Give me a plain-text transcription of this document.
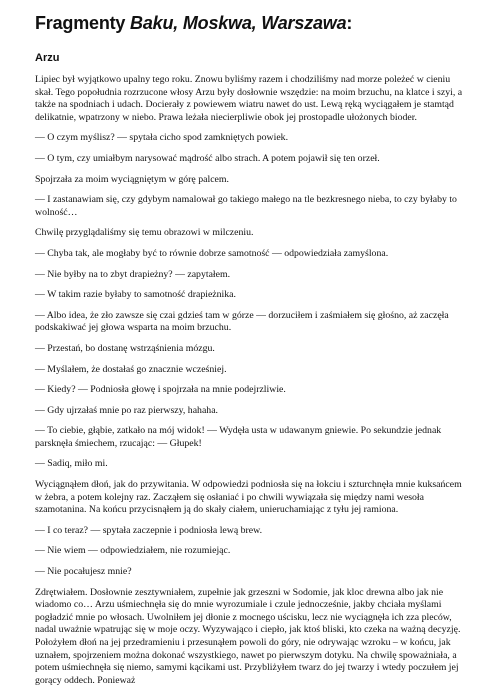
Fragmenty Baku, Moskwa, Warszawa:
Arzu

Lipiec był wyjątkowo upalny tego roku. Znowu byliśmy razem i chodziliśmy nad morze poleżeć w cieniu skał. Tego popołudnia rozrzucone włosy Arzu były dosłownie wszędzie: na moim brzuchu, na klatce i szyi, a także na spodniach i udach. Docierały z powiewem wiatru nawet do ust. Lewą ręką wyciągałem je stamtąd delikatnie, wpatrzony w niebo. Prawa leżała niecierpliwie obok jej prostopadle ułożonych bioder.

— O czym myślisz? — spytała cicho spod zamkniętych powiek.

— O tym, czy umiałbym narysować mądrość albo strach. A potem pojawił się ten orzeł.

Spojrzała za moim wyciągniętym w górę palcem.

— I zastanawiam się, czy gdybym namalował go takiego małego na tle bezkresnego nieba, to czy byłaby to wolność…

Chwilę przyglądaliśmy się temu obrazowi w milczeniu.

— Chyba tak, ale mogłaby być to równie dobrze samotność — odpowiedziała zamyślona.

— Nie byłby na to zbyt drapieżny? — zapytałem.

— W takim razie byłaby to samotność drapieżnika.

— Albo idea, że zło zawsze się czai gdzieś tam w górze — dorzuciłem i zaśmiałem się głośno, aż zaczęła podskakiwać jej głowa wsparta na moim brzuchu.

— Przestań, bo dostanę wstrząśnienia mózgu.

— Myślałem, że dostałaś go znacznie wcześniej.

— Kiedy? — Podniosła głowę i spojrzała na mnie podejrzliwie.

— Gdy ujrzałaś mnie po raz pierwszy, hahaha.

— To ciebie, głąbie, zatkało na mój widok! — Wydęła usta w udawanym gniewie. Po sekundzie jednak parsknęła śmiechem, rzucając: — Głupek!

— Sadiq, miło mi.

Wyciągnąłem dłoń, jak do przywitania. W odpowiedzi podniosła się na łokciu i szturchnęła mnie kuksańcem w żebra, a potem kolejny raz. Zacząłem się osłaniać i po chwili wywiązała się między nami wesoła szamotanina. Na końcu przycisnąłem ją do skały ciałem, unieruchamiając z tyłu jej ramiona.

— I co teraz? — spytała zaczepnie i podniosła lewą brew.

— Nie wiem — odpowiedziałem, nie rozumiejąc.

— Nie pocałujesz mnie?

Zdrętwiałem. Dosłownie zesztywniałem, zupełnie jak grzeszni w Sodomie, jak kloc drewna albo jak nie wiadomo co… Arzu uśmiechnęła się do mnie wyrozumiale i czule jednocześnie, jakby chciała myślami pogładzić mnie po włosach. Uwolniłem jej dłonie z mocnego uścisku, lecz nie wyciągnęła ich zza pleców, nadal uważnie wpatrując się w moje oczy. Wyzywająco i ciepło, jak ktoś bliski, kto czeka na ważną decyzję. Położyłem dłoń na jej przedramieniu i przesunąłem powoli do góry, nie odrywając wzroku – w końcu, jak uznałem, spojrzeniem można dokonać wszystkiego, nawet po pierwszym dotyku. Na chwilę spoważniała, a potem uśmiechnęła się niemo, samymi kącikami ust. Przybliżyłem twarz do jej twarzy i wtedy poczułem jej gorący oddech. Ponieważ
